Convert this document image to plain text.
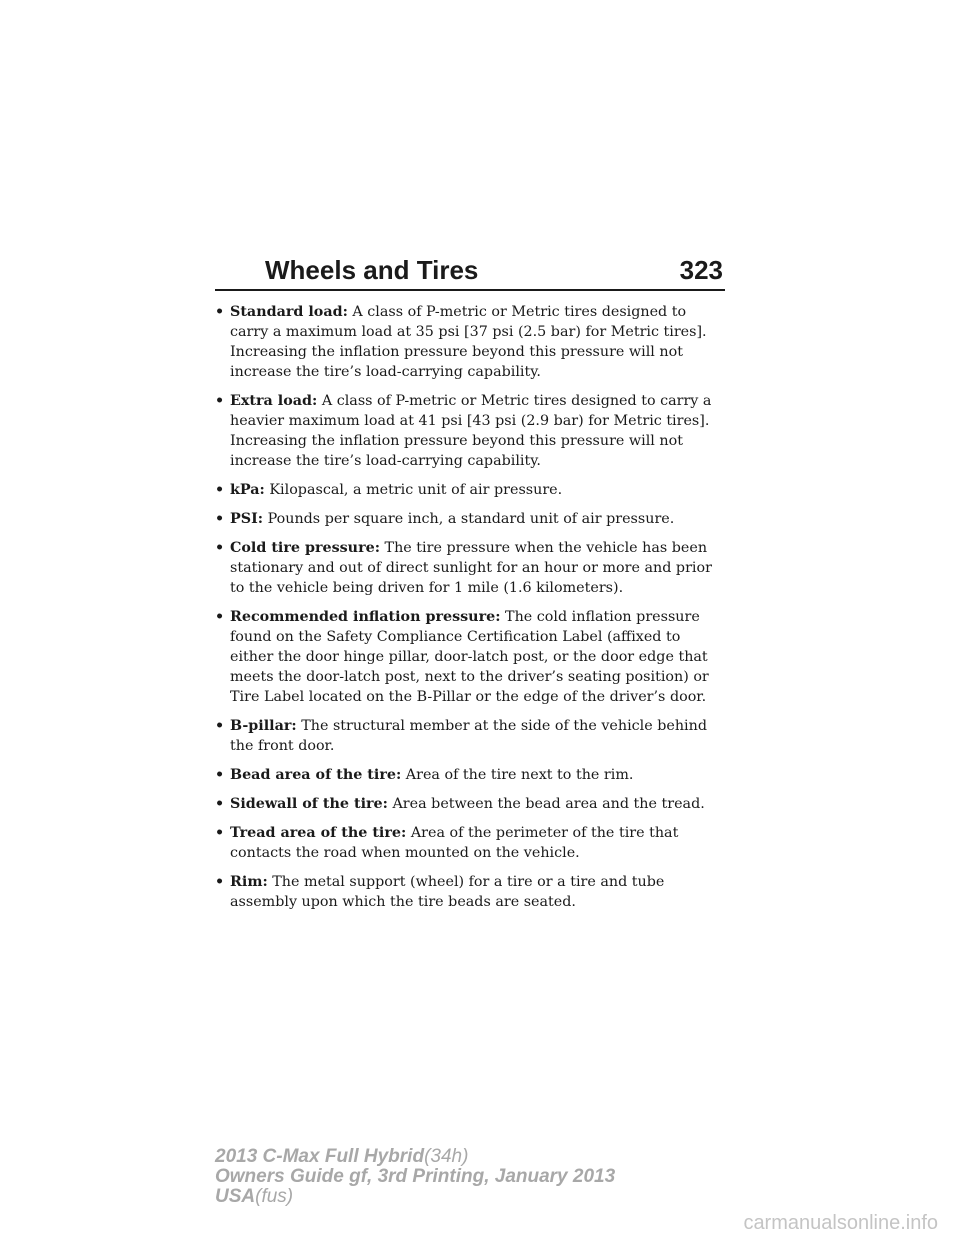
Wheels and Tires	323
• Standard load: A class of P-metric or Metric tires designed to carry a maximum load at 35 psi [37 psi (2.5 bar) for Metric tires]. Increasing the inflation pressure beyond this pressure will not increase the tire’s load-carrying capability.
• Extra load: A class of P-metric or Metric tires designed to carry a heavier maximum load at 41 psi [43 psi (2.9 bar) for Metric tires]. Increasing the inflation pressure beyond this pressure will not increase the tire’s load-carrying capability.
• kPa: Kilopascal, a metric unit of air pressure.
• PSI: Pounds per square inch, a standard unit of air pressure.
• Cold tire pressure: The tire pressure when the vehicle has been stationary and out of direct sunlight for an hour or more and prior to the vehicle being driven for 1 mile (1.6 kilometers).
• Recommended inflation pressure: The cold inflation pressure found on the Safety Compliance Certification Label (affixed to either the door hinge pillar, door-latch post, or the door edge that meets the door-latch post, next to the driver’s seating position) or Tire Label located on the B-Pillar or the edge of the driver’s door.
• B-pillar: The structural member at the side of the vehicle behind the front door.
• Bead area of the tire: Area of the tire next to the rim.
• Sidewall of the tire: Area between the bead area and the tread.
• Tread area of the tire: Area of the perimeter of the tire that contacts the road when mounted on the vehicle.
• Rim: The metal support (wheel) for a tire or a tire and tube assembly upon which the tire beads are seated.
2013 C-Max Full Hybrid(34h)
Owners Guide gf, 3rd Printing, January 2013
USA(fus)
carmanualsonline.info
